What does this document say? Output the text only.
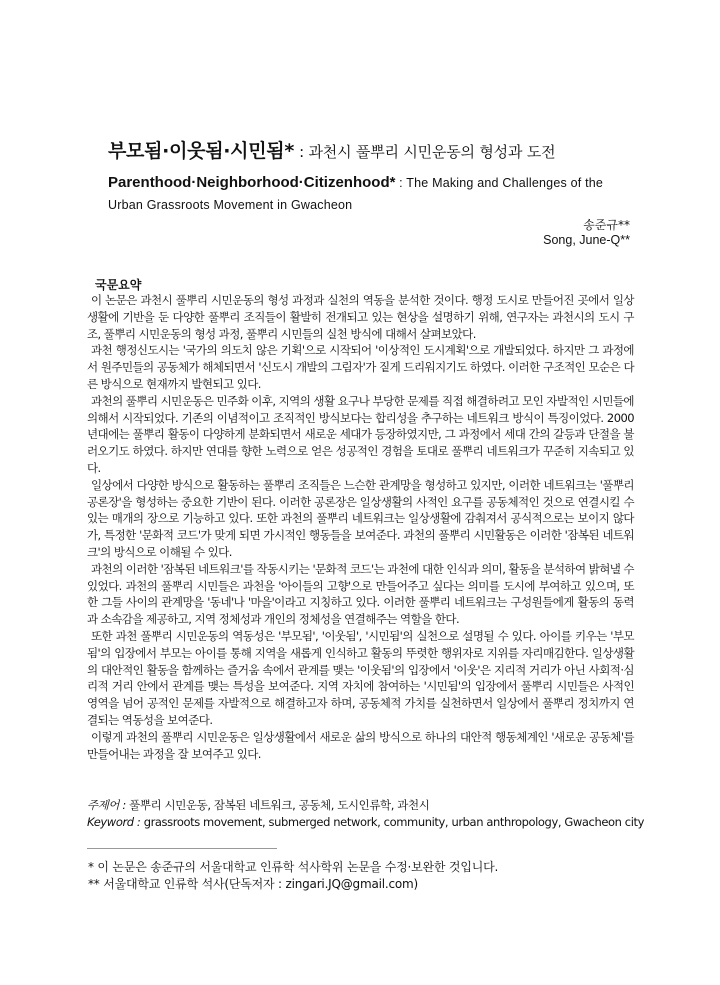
부모됨·이웃됨·시민됨* : 과천시 풀뿌리 시민운동의 형성과 도전
Parenthood·Neighborhood·Citizenhood* : The Making and Challenges of the Urban Grassroots Movement in Gwacheon
송준규**
Song, June-Q**
국문요약

이 논문은 과천시 풀뿌리 시민운동의 형성 과정과 실천의 역동을 분석한 것이다. 행정 도시로 만들어진 곳에서 일상생활에 기반을 둔 다양한 풀뿌리 조직들이 활발히 전개되고 있는 현상을 설명하기 위해, 연구자는 과천시의 도시 구조, 풀뿌리 시민운동의 형성 과정, 풀뿌리 시민들의 실천 방식에 대해서 살펴보았다.

과천 행정신도시는 '국가의 의도치 않은 기획'으로 시작되어 '이상적인 도시계획'으로 개발되었다. 하지만 그 과정에서 원주민들의 공동체가 해체되면서 '신도시 개발의 그림자'가 짙게 드리워지기도 하였다. 이러한 구조적인 모순은 다른 방식으로 현재까지 발현되고 있다.

과천의 풀뿌리 시민운동은 민주화 이후, 지역의 생활 요구나 부당한 문제를 직접 해결하려고 모인 자발적인 시민들에 의해서 시작되었다. 기존의 이념적이고 조직적인 방식보다는 합리성을 추구하는 네트워크 방식이 특징이었다. 2000년대에는 풀뿌리 활동이 다양하게 분화되면서 새로운 세대가 등장하였지만, 그 과정에서 세대 간의 갈등과 단절을 불러오기도 하였다. 하지만 연대를 향한 노력으로 얻은 성공적인 경험을 토대로 풀뿌리 네트워크가 꾸준히 지속되고 있다.

일상에서 다양한 방식으로 활동하는 풀뿌리 조직들은 느슨한 관계망을 형성하고 있지만, 이러한 네트워크는 '풀뿌리 공론장'을 형성하는 중요한 기반이 된다. 이러한 공론장은 일상생활의 사적인 요구를 공동체적인 것으로 연결시킬 수 있는 매개의 장으로 기능하고 있다. 또한 과천의 풀뿌리 네트워크는 일상생활에 감춰져서 공식적으로는 보이지 않다가, 특정한 '문화적 코드'가 맞게 되면 가시적인 행동들을 보여준다. 과천의 풀뿌리 시민활동은 이러한 '잠복된 네트워크'의 방식으로 이해될 수 있다.

과천의 이러한 '잠복된 네트워크'를 작동시키는 '문화적 코드'는 과천에 대한 인식과 의미, 활동을 분석하여 밝혀낼 수 있었다. 과천의 풀뿌리 시민들은 과천을 '아이들의 고향'으로 만들어주고 싶다는 의미를 도시에 부여하고 있으며, 또한 그들 사이의 관계망을 '동네'나 '마을'이라고 지칭하고 있다. 이러한 풀뿌리 네트워크는 구성원들에게 활동의 동력과 소속감을 제공하고, 지역 정체성과 개인의 정체성을 연결해주는 역할을 한다.

또한 과천 풀뿌리 시민운동의 역동성은 '부모됨', '이웃됨', '시민됨'의 실천으로 설명될 수 있다. 아이를 키우는 '부모됨'의 입장에서 부모는 아이를 통해 지역을 새롭게 인식하고 활동의 뚜렷한 행위자로 지위를 자리매김한다. 일상생활의 대안적인 활동을 함께하는 즐거움 속에서 관계를 맺는 '이웃됨'의 입장에서 '이웃'은 지리적 거리가 아닌 사회적·심리적 거리 안에서 관계를 맺는 특성을 보여준다. 지역 자치에 참여하는 '시민됨'의 입장에서 풀뿌리 시민들은 사적인 영역을 넘어 공적인 문제를 자발적으로 해결하고자 하며, 공동체적 가치를 실천하면서 일상에서 풀뿌리 정치까지 연결되는 역동성을 보여준다.

이렇게 과천의 풀뿌리 시민운동은 일상생활에서 새로운 삶의 방식으로 하나의 대안적 행동체계인 '새로운 공동체'를 만들어내는 과정을 잘 보여주고 있다.

주제어 : 풀뿌리 시민운동, 잠복된 네트워크, 공동체, 도시인류학, 과천시
Keyword : grassroots movement, submerged network, community, urban anthropology, Gwacheon city
* 이 논문은 송준규의 서울대학교 인류학 석사학위 논문을 수정·보완한 것입니다.
** 서울대학교 인류학 석사(단독저자 : zingari.JQ@gmail.com)
